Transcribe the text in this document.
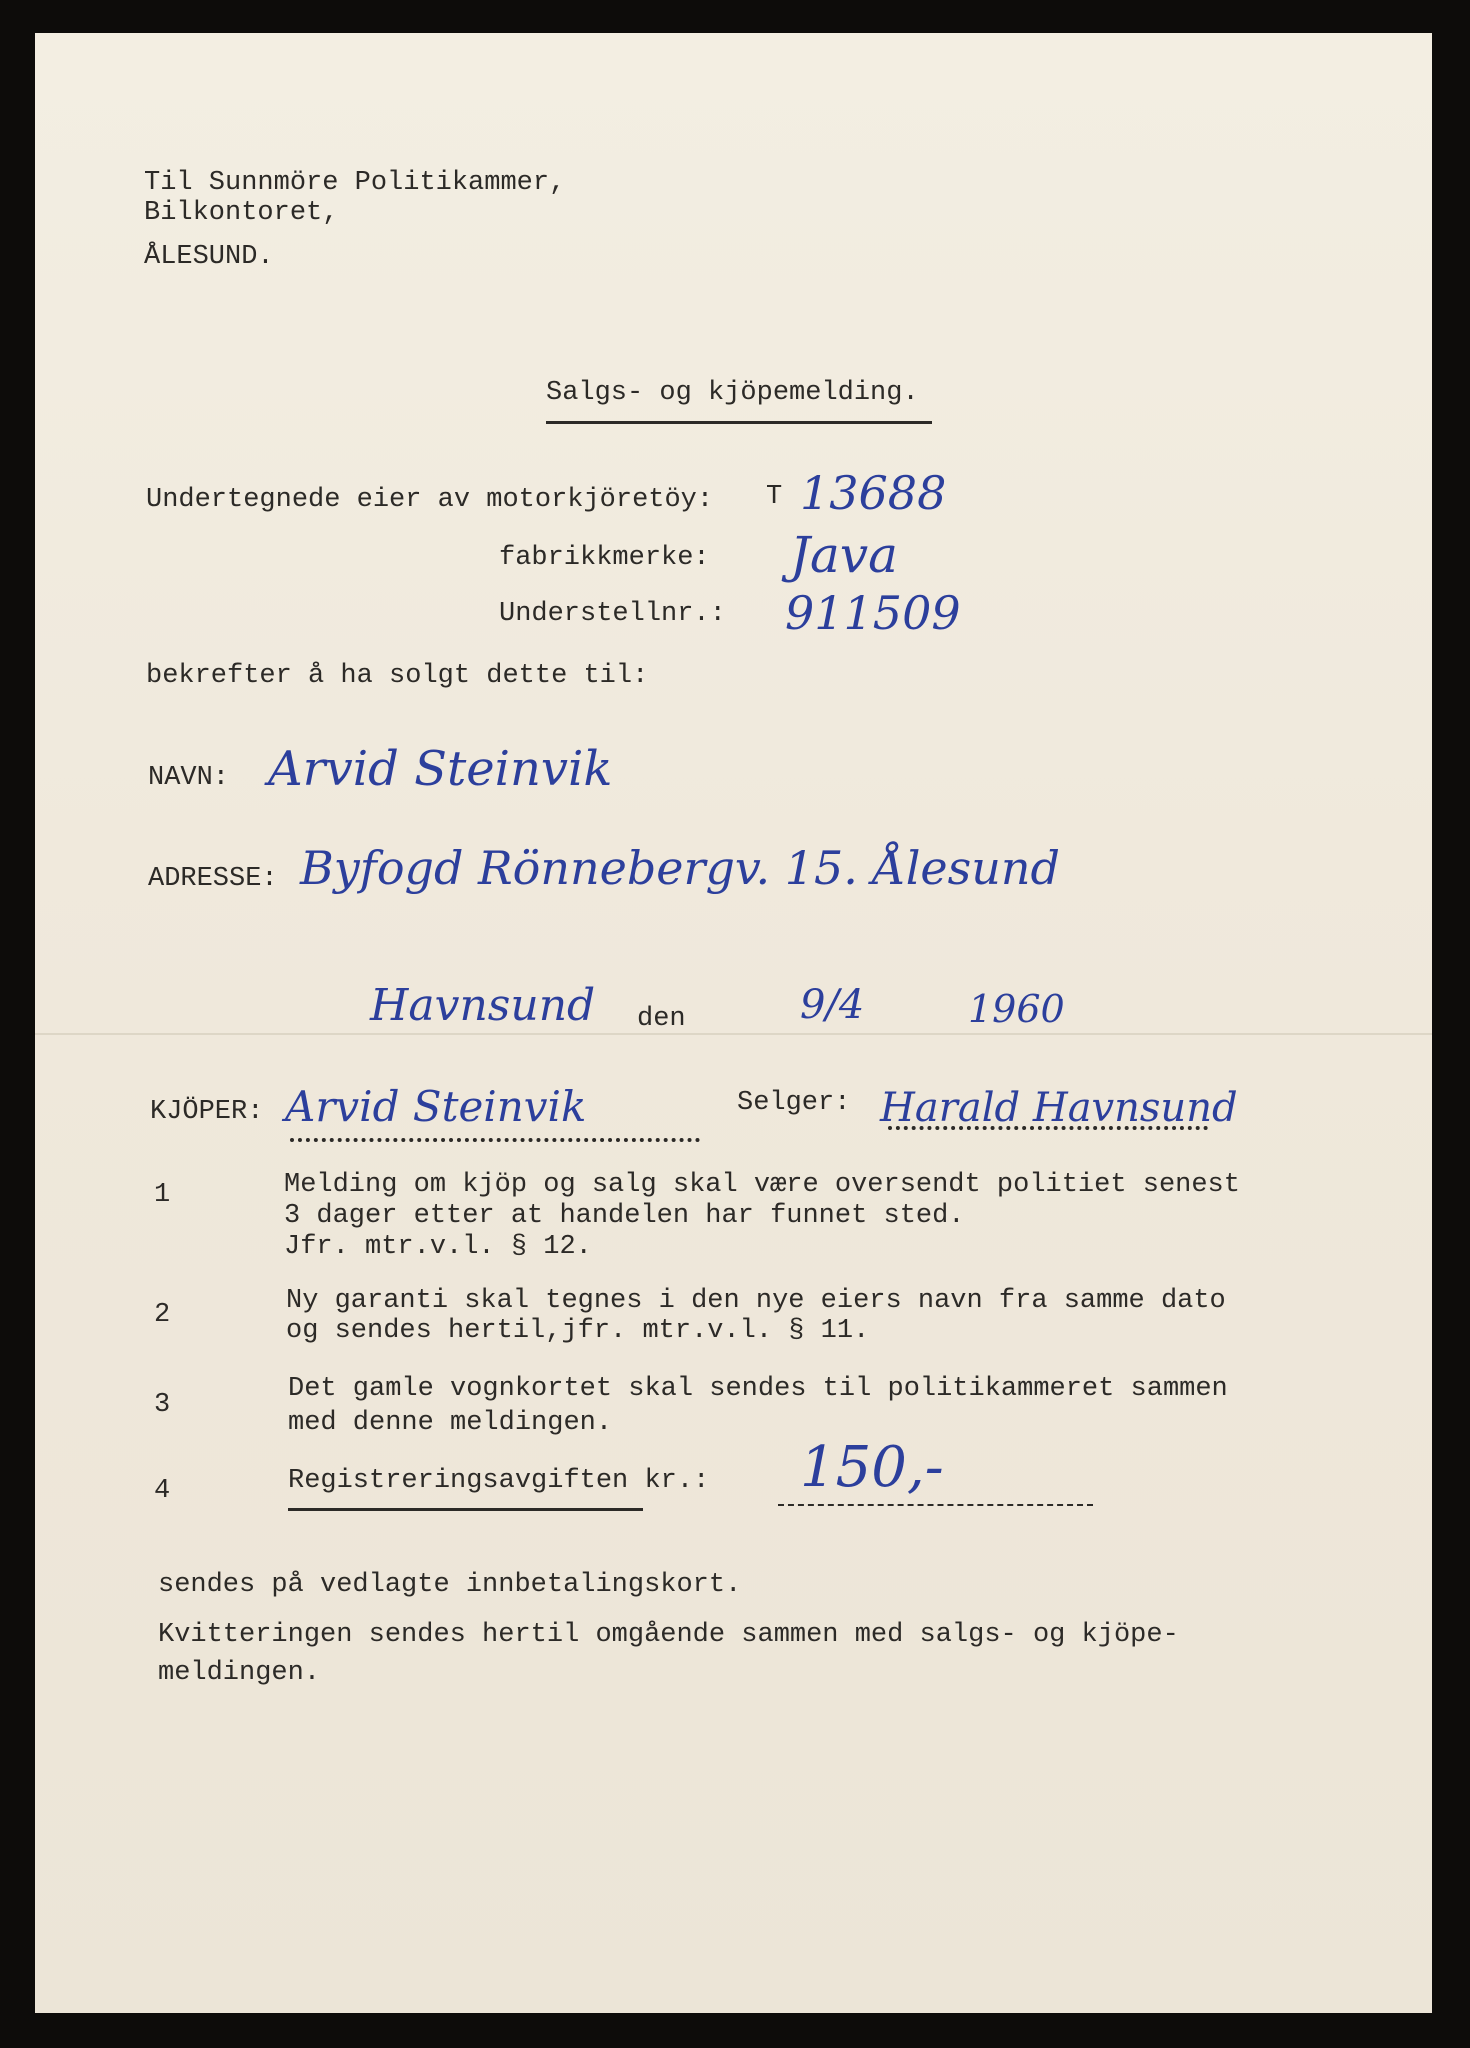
Til Sunnmöre Politikammer,
Bilkontoret,
ÅLESUND.
Salgs- og kjöpemelding.
Undertegnede eier av motorkjöretöy: T 13688
fabrikkmerke: Java
Understellnr.: 911509
bekrefter å ha solgt dette til:
NAVN: Arvid Steinvik
ADRESSE: Byfogd Rönnebergv. 15. Ålesund
Havnsund den	9/4	1960
KJÖPER: Arvid Steinvik	Selger: Harald Havnsund
1	Melding om kjöp og salg skal være oversendt politiet senest
3 dager etter at handelen har funnet sted.
Jfr. mtr.v.l. § 12.
2	Ny garanti skal tegnes i den nye eiers navn fra samme dato
og sendes hertil,jfr. mtr.v.l. § 11.
3
Det gamle vognkortet skal sendes til politikammeret sammen
med denne meldingen.
4	Registreringsavgiften kr.: 150,-
sendes på vedlagte innbetalingskort.
Kvitteringen sendes hertil omgående sammen med salgs- og kjöpe-
meldingen.
